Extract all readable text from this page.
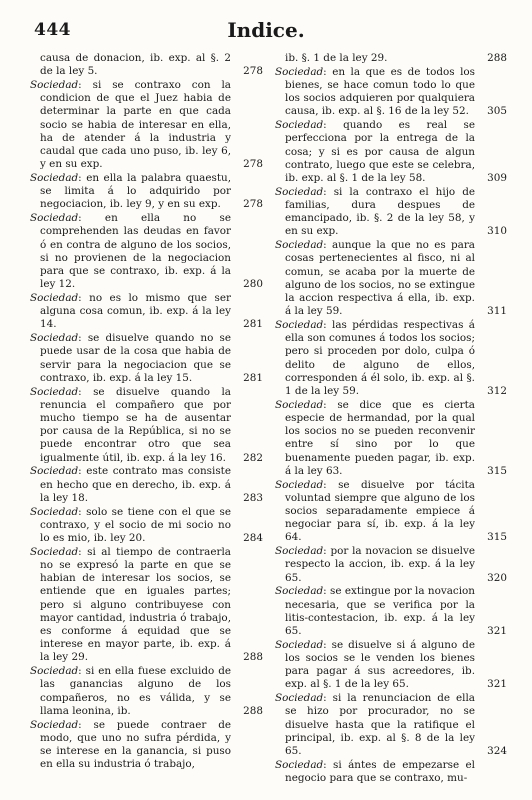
444	Indice.
causa de donacion, ib. exp. al §. 2 de la ley 5.	278
Sociedad: si se contraxo con la condicion de que el Juez habia de determinar la parte en que cada socio se habia de interesar en ella, ha de atender á la industria y caudal que cada uno puso, ib. ley 6, y en su exp.	278
Sociedad: en ella la palabra quaestu, se limita á lo adquirido por negociacion, ib. ley 9, y en su exp.	278
Sociedad: en ella no se comprehenden las deudas en favor ó en contra de alguno de los socios, si no provienen de la negociacion para que se contraxo, ib. exp. á la ley 12.	280
Sociedad: no es lo mismo que ser alguna cosa comun, ib. exp. á la ley 14.	281
Sociedad: se disuelve quando no se puede usar de la cosa que habia de servir para la negociacion que se contraxo, ib. exp. á la ley 15.	281
Sociedad: se disuelve quando la renuncia el compañero que por mucho tiempo se ha de ausentar por causa de la República, si no se puede encontrar otro que sea igualmente útil, ib. exp. á la ley 16.	282
Sociedad: este contrato mas consiste en hecho que en derecho, ib. exp. á la ley 18.	283
Sociedad: solo se tiene con el que se contraxo, y el socio de mi socio no lo es mio, ib. ley 20.	284
Sociedad: si al tiempo de contraerla no se expresó la parte en que se habian de interesar los socios, se entiende que en iguales partes; pero si alguno contribuyese con mayor cantidad, industria ó trabajo, es conforme á equidad que se interese en mayor parte, ib. exp. á la ley 29.	288
Sociedad: si en ella fuese excluido de las ganancias alguno de los compañeros, no es válida, y se llama leonina, ib.	288
Sociedad: se puede contraer de modo, que uno no sufra pérdida, y se interese en la ganancia, si puso en ella su industria ó trabajo,
ib. §. 1 de la ley 29.	288
Sociedad: en la que es de todos los bienes, se hace comun todo lo que los socios adquieren por qualquiera causa, ib. exp. al §. 16 de la ley 52.	305
Sociedad: quando es real se perfecciona por la entrega de la cosa; y si es por causa de algun contrato, luego que este se celebra, ib. exp. al §. 1 de la ley 58.	309
Sociedad: si la contraxo el hijo de familias, dura despues de emancipado, ib. §. 2 de la ley 58, y en su exp.	310
Sociedad: aunque la que no es para cosas pertenecientes al fisco, ni al comun, se acaba por la muerte de alguno de los socios, no se extingue la accion respectiva á ella, ib. exp. á la ley 59.	311
Sociedad: las pérdidas respectivas á ella son comunes á todos los socios; pero si proceden por dolo, culpa ó delito de alguno de ellos, corresponden á él solo, ib. exp. al §. 1 de la ley 59.	312
Sociedad: se dice que es cierta especie de hermandad, por la qual los socios no se pueden reconvenir entre sí sino por lo que buenamente pueden pagar, ib. exp. á la ley 63.	315
Sociedad: se disuelve por tácita voluntad siempre que alguno de los socios separadamente empiece á negociar para sí, ib. exp. á la ley 64.	315
Sociedad: por la novacion se disuelve respecto la accion, ib. exp. á la ley 65.	320
Sociedad: se extingue por la novacion necesaria, que se verifica por la litis-contestacion, ib. exp. á la ley 65.	321
Sociedad: se disuelve si á alguno de los socios se le venden los bienes para pagar á sus acreedores, ib. exp. al §. 1 de la ley 65.	321
Sociedad: si la renunciacion de ella se hizo por procurador, no se disuelve hasta que la ratifique el principal, ib. exp. al §. 8 de la ley 65.	324
Sociedad: si ántes de empezarse el negocio para que se contraxo, mu-
